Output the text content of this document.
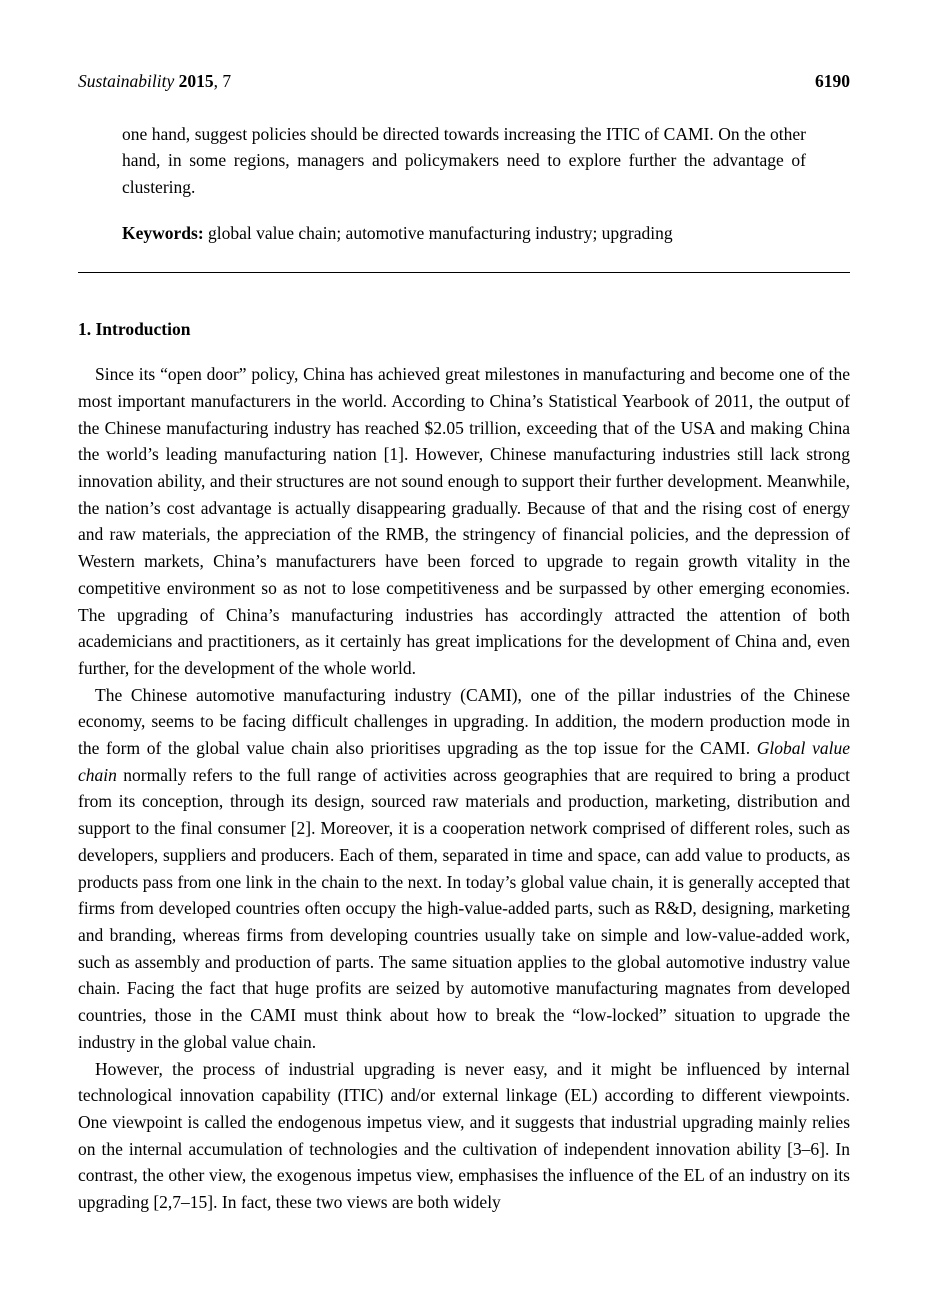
Sustainability 2015, 7	6190

one hand, suggest policies should be directed towards increasing the ITIC of CAMI. On the other hand, in some regions, managers and policymakers need to explore further the advantage of clustering.

Keywords: global value chain; automotive manufacturing industry; upgrading

1. Introduction

Since its “open door” policy, China has achieved great milestones in manufacturing and become one of the most important manufacturers in the world. According to China’s Statistical Yearbook of 2011, the output of the Chinese manufacturing industry has reached $2.05 trillion, exceeding that of the USA and making China the world’s leading manufacturing nation [1]. However, Chinese manufacturing industries still lack strong innovation ability, and their structures are not sound enough to support their further development. Meanwhile, the nation’s cost advantage is actually disappearing gradually. Because of that and the rising cost of energy and raw materials, the appreciation of the RMB, the stringency of financial policies, and the depression of Western markets, China’s manufacturers have been forced to upgrade to regain growth vitality in the competitive environment so as not to lose competitiveness and be surpassed by other emerging economies. The upgrading of China’s manufacturing industries has accordingly attracted the attention of both academicians and practitioners, as it certainly has great implications for the development of China and, even further, for the development of the whole world.

The Chinese automotive manufacturing industry (CAMI), one of the pillar industries of the Chinese economy, seems to be facing difficult challenges in upgrading. In addition, the modern production mode in the form of the global value chain also prioritises upgrading as the top issue for the CAMI. Global value chain normally refers to the full range of activities across geographies that are required to bring a product from its conception, through its design, sourced raw materials and production, marketing, distribution and support to the final consumer [2]. Moreover, it is a cooperation network comprised of different roles, such as developers, suppliers and producers. Each of them, separated in time and space, can add value to products, as products pass from one link in the chain to the next. In today’s global value chain, it is generally accepted that firms from developed countries often occupy the high-value-added parts, such as R&D, designing, marketing and branding, whereas firms from developing countries usually take on simple and low-value-added work, such as assembly and production of parts. The same situation applies to the global automotive industry value chain. Facing the fact that huge profits are seized by automotive manufacturing magnates from developed countries, those in the CAMI must think about how to break the “low-locked” situation to upgrade the industry in the global value chain.

However, the process of industrial upgrading is never easy, and it might be influenced by internal technological innovation capability (ITIC) and/or external linkage (EL) according to different viewpoints. One viewpoint is called the endogenous impetus view, and it suggests that industrial upgrading mainly relies on the internal accumulation of technologies and the cultivation of independent innovation ability [3–6]. In contrast, the other view, the exogenous impetus view, emphasises the influence of the EL of an industry on its upgrading [2,7–15]. In fact, these two views are both widely
